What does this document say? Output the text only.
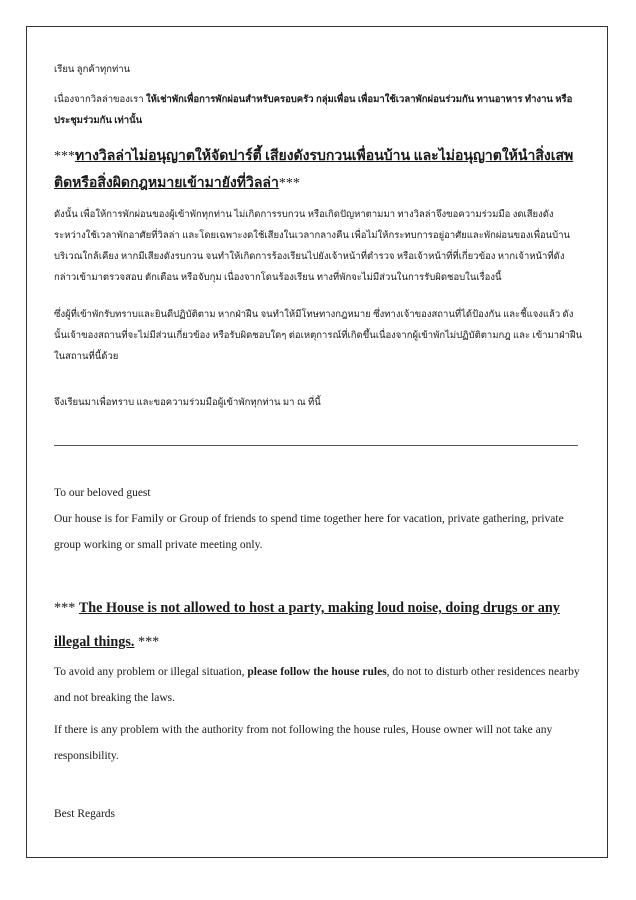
เรียน ลูกค้าทุกท่าน

เนื่องจากวิลล่าของเรา ให้เช่าพักเพื่อการพักผ่อนสำหรับครอบครัว กลุ่มเพื่อน เพื่อมาใช้เวลาพักผ่อนร่วมกัน ทานอาหาร ทำงาน หรือ ประชุมร่วมกัน เท่านั้น

***ทางวิลล่าไม่อนุญาตให้จัดปาร์ตี้ เสียงดังรบกวนเพื่อนบ้าน และไม่อนุญาตให้นำสิ่งเสพติดหรือสิ่งผิดกฎหมายเข้ามายังที่วิลล่า***

ดังนั้น เพื่อให้การพักผ่อนของผู้เข้าพักทุกท่าน ไม่เกิดการรบกวน หรือเกิดปัญหาตามมา ทางวิลล่าจึงขอความร่วมมือ งดเสียงดัง ระหว่างใช้เวลาพักอาศัยที่วิลล่า และโดยเฉพาะงดใช้เสียงในเวลากลางคืน เพื่อไม่ให้กระทบการอยู่อาศัยและพักผ่อนของเพื่อนบ้านบริเวณใกล้เคียง หากมีเสียงดังรบกวน จนทำให้เกิดการร้องเรียนไปยังเจ้าหน้าที่ตำรวจ หรือเจ้าหน้าที่ที่เกี่ยวข้อง หากเจ้าหน้าที่ดังกล่าวเข้ามาตรวจสอบ ตักเตือน หรือจับกุม เนื่องจากโดนร้องเรียน ทางที่พักจะไม่มีส่วนในการรับผิดชอบในเรื่องนี้

ซึ่งผู้ที่เข้าพักรับทราบและยินดีปฏิบัติตาม หากฝ่าฝืน จนทำให้มีโทษทางกฎหมาย ซึ่งทางเจ้าของสถานที่ได้ป้องกัน และชี้แจงแล้ว ดังนั้นเจ้าของสถานที่จะไม่มีส่วนเกี่ยวข้อง หรือรับผิดชอบใดๆ ต่อเหตุการณ์ที่เกิดขึ้นเนื่องจากผู้เข้าพักไม่ปฏิบัติตามกฎ และ เข้ามาฝ่าฝืนในสถานที่นี้ด้วย

จึงเรียนมาเพื่อทราบ และขอความร่วมมือผู้เข้าพักทุกท่าน มา ณ ที่นี้

To our beloved guest

Our house is for Family or Group of friends to spend time together here for vacation, private gathering, private group working or small private meeting only.

*** The House is not allowed to host a party, making loud noise, doing drugs or any illegal things. ***

To avoid any problem or illegal situation, please follow the house rules, do not to disturb other residences nearby and not breaking the laws.

If there is any problem with the authority from not following the house rules, House owner will not take any responsibility.

Best Regards
